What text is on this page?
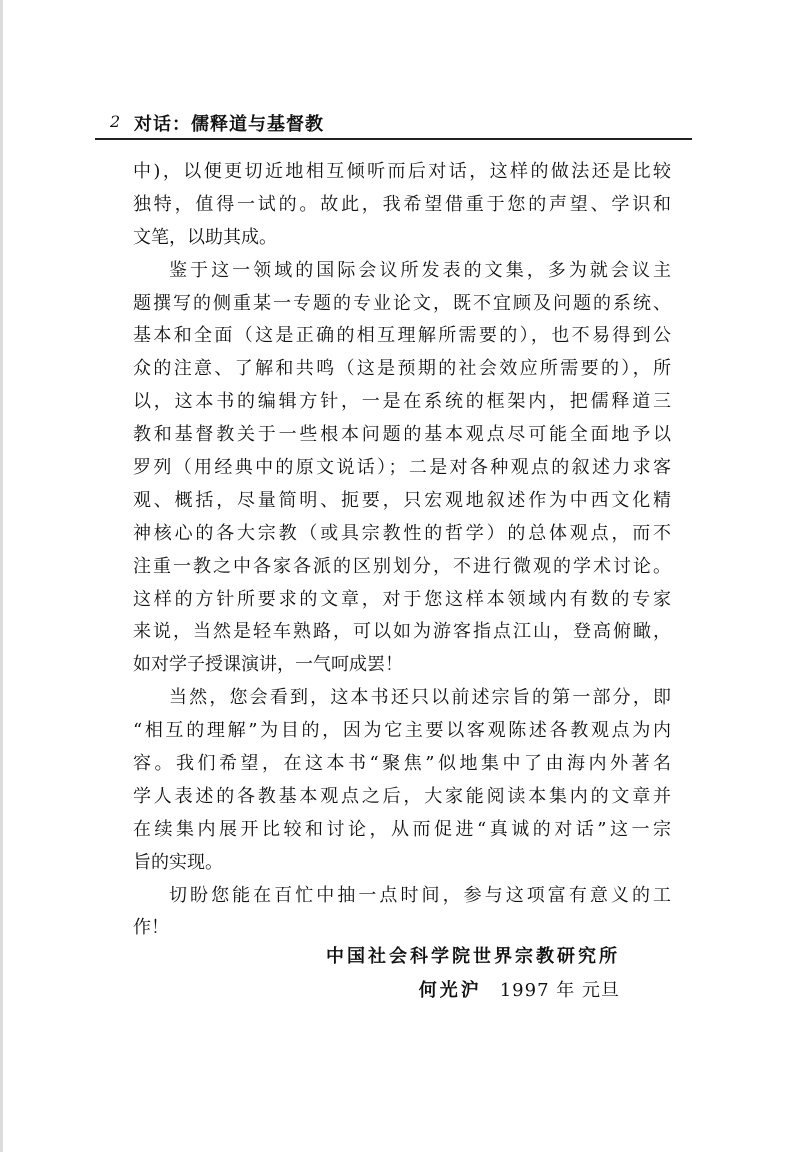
2 对话：儒释道与基督教
中)，以便更切近地相互倾听而后对话，这样的做法还是比较
独特，值得一试的。故此，我希望借重于您的声望、学识和
文笔，以助其成。
鉴于这一领域的国际会议所发表的文集，多为就会议主
题撰写的侧重某一专题的专业论文，既不宜顾及问题的系统、
基本和全面（这是正确的相互理解所需要的），也不易得到公
众的注意、了解和共鸣（这是预期的社会效应所需要的），所
以，这本书的编辑方针，一是在系统的框架内，把儒释道三
教和基督教关于一些根本问题的基本观点尽可能全面地予以
罗列（用经典中的原文说话）；二是对各种观点的叙述力求客
观、概括，尽量简明、扼要，只宏观地叙述作为中西文化精
神核心的各大宗教（或具宗教性的哲学）的总体观点，而不
注重一教之中各家各派的区别划分，不进行微观的学术讨论。
这样的方针所要求的文章，对于您这样本领域内有数的专家
来说，当然是轻车熟路，可以如为游客指点江山，登高俯瞰，
如对学子授课演讲，一气呵成罢！
当然，您会看到，这本书还只以前述宗旨的第一部分，即
“相互的理解”为目的，因为它主要以客观陈述各教观点为内
容。我们希望，在这本书“聚焦”似地集中了由海内外著名
学人表述的各教基本观点之后，大家能阅读本集内的文章并
在续集内展开比较和讨论，从而促进“真诚的对话”这一宗
旨的实现。
切盼您能在百忙中抽一点时间，参与这项富有意义的工
作！
中国社会科学院世界宗教研究所
何光沪 1997 年 元旦
